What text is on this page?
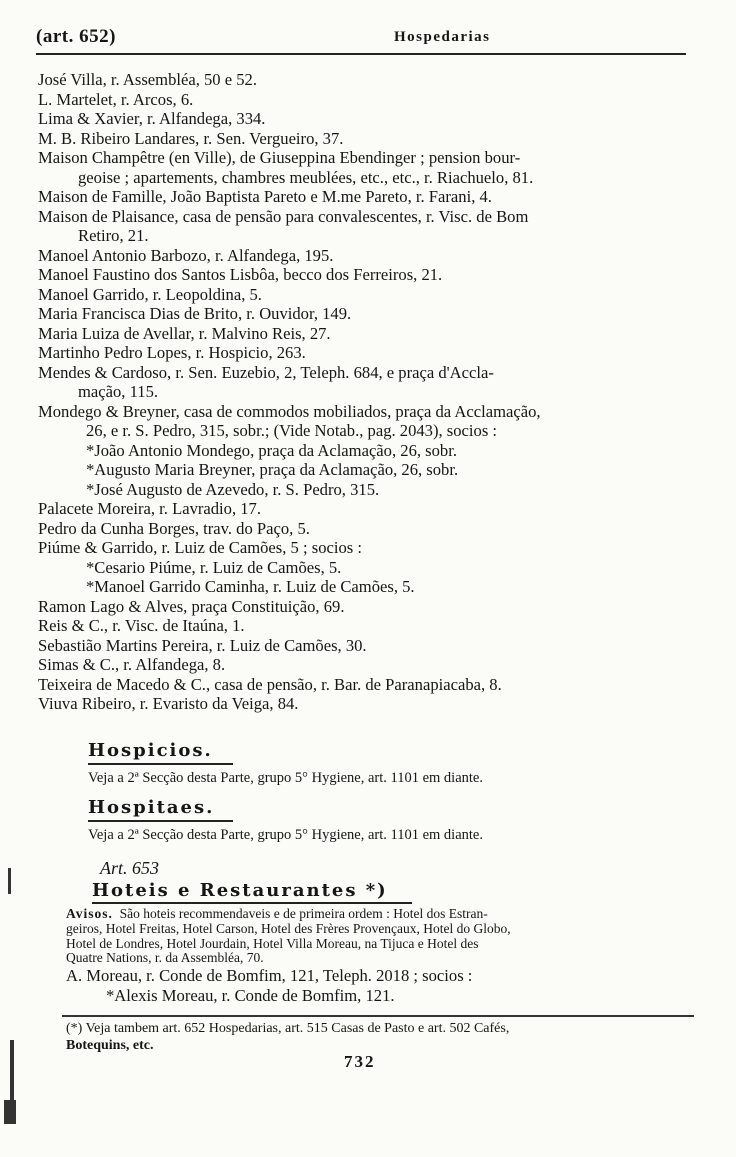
(art. 652)	Hospedarias
José Villa, r. Assembléa, 50 e 52.
L. Martelet, r. Arcos, 6.
Lima & Xavier, r. Alfandega, 334.
M. B. Ribeiro Landares, r. Sen. Vergueiro, 37.
Maison Champêtre (en Ville), de Giuseppina Ebendinger ; pension bour-
geoise ; apartements, chambres meublées, etc., etc., r. Riachuelo, 81.
Maison de Famille, João Baptista Pareto e M.me Pareto, r. Farani, 4.
Maison de Plaisance, casa de pensão para convalescentes, r. Visc. de Bom
Retiro, 21.
Manoel Antonio Barbozo, r. Alfandega, 195.
Manoel Faustino dos Santos Lisbôa, becco dos Ferreiros, 21.
Manoel Garrido, r. Leopoldina, 5.
Maria Francisca Dias de Brito, r. Ouvidor, 149.
Maria Luiza de Avellar, r. Malvino Reis, 27.
Martinho Pedro Lopes, r. Hospicio, 263.
Mendes & Cardoso, r. Sen. Euzebio, 2, Teleph. 684, e praça d'Accla-
mação, 115.
Mondego & Breyner, casa de commodos mobiliados, praça da Acclamação,
26, e r. S. Pedro, 315, sobr.; (Vide Notab., pag. 2043), socios :
*João Antonio Mondego, praça da Aclamação, 26, sobr.
*Augusto Maria Breyner, praça da Aclamação, 26, sobr.
*José Augusto de Azevedo, r. S. Pedro, 315.
Palacete Moreira, r. Lavradio, 17.
Pedro da Cunha Borges, trav. do Paço, 5.
Piúme & Garrido, r. Luiz de Camões, 5 ; socios :
*Cesario Piúme, r. Luiz de Camões, 5.
*Manoel Garrido Caminha, r. Luiz de Camões, 5.
Ramon Lago & Alves, praça Constituição, 69.
Reis & C., r. Visc. de Itaúna, 1.
Sebastião Martins Pereira, r. Luiz de Camões, 30.
Simas & C., r. Alfandega, 8.
Teixeira de Macedo & C., casa de pensão, r. Bar. de Paranapiacaba, 8.
Viuva Ribeiro, r. Evaristo da Veiga, 84.
Hospicios.
Veja a 2ª Secção desta Parte, grupo 5° Hygiene, art. 1101 em diante.
Hospitaes.
Veja a 2ª Secção desta Parte, grupo 5° Hygiene, art. 1101 em diante.
Art. 653
Hoteis e Restaurantes *)
Avisos. São hoteis recommendaveis e de primeira ordem : Hotel dos Estran-
geiros, Hotel Freitas, Hotel Carson, Hotel des Frères Provençaux, Hotel do Globo,
Hotel de Londres, Hotel Jourdain, Hotel Villa Moreau, na Tijuca e Hotel des
Quatre Nations, r. da Assembléa, 70.
A. Moreau, r. Conde de Bomfim, 121, Teleph. 2018 ; socios :
*Alexis Moreau, r. Conde de Bomfim, 121.
(*) Veja tambem art. 652 Hospedarias, art. 515 Casas de Pasto e art. 502 Cafés,
Botequins, etc.
732
